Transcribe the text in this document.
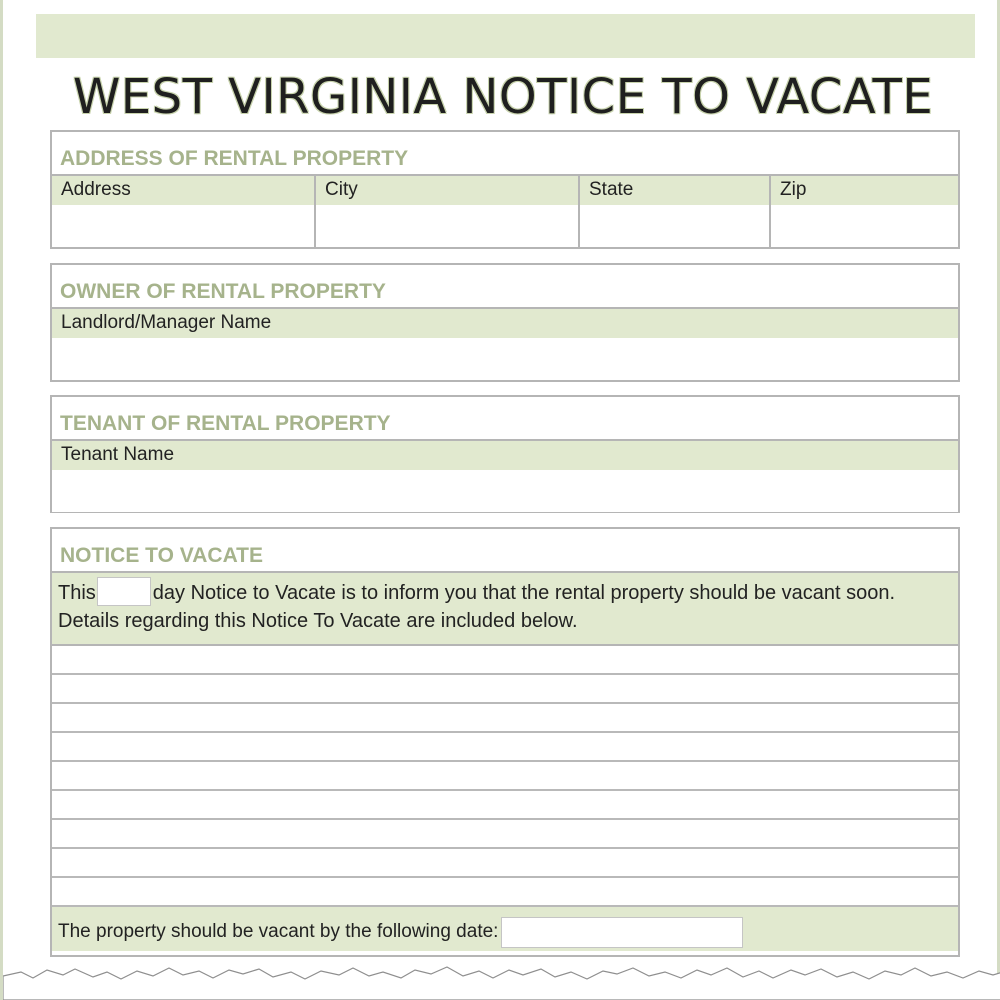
WEST VIRGINIA NOTICE TO VACATE
ADDRESS OF RENTAL PROPERTY
Address	City	State	Zip
OWNER OF RENTAL PROPERTY
Landlord/Manager Name
TENANT OF RENTAL PROPERTY
Tenant Name
NOTICE TO VACATE
This	day Notice to Vacate is to inform you that the rental property should be vacant soon.
Details regarding this Notice To Vacate are included below.
The property should be vacant by the following date:
